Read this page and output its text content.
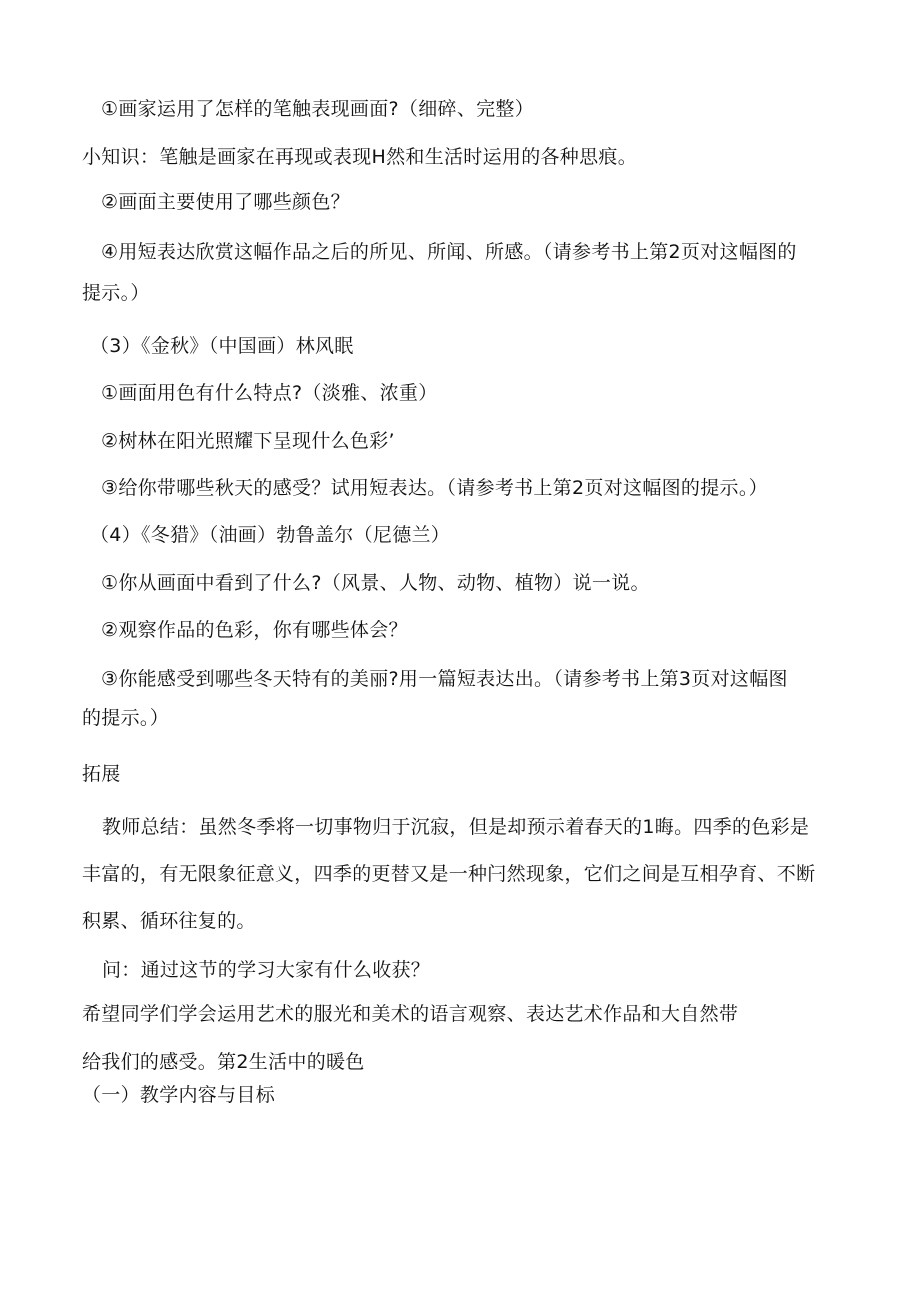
①画家运用了怎样的笔触表现画面?（细碎、完整）
小知识：笔触是画家在再现或表现H然和生活时运用的各种思痕。
②画面主要使用了哪些颜色？
④用短表达欣赏这幅作品之后的所见、所闻、所感。（请参考书上第2页对这幅图的
提示。）
（3）《金秋》（中国画）林风眠
①画面用色有什么特点?（淡雅、浓重）
②树林在阳光照耀下呈现什么色彩’
③给你带哪些秋天的感受？试用短表达。（请参考书上第2页对这幅图的提示。）
（4）《冬猎》（油画）勃鲁盖尔（尼德兰）
①你从画面中看到了什么?（风景、人物、动物、植物）说一说。
②观察作品的色彩，你有哪些体会？
③你能感受到哪些冬天特有的美丽?用一篇短表达出。（请参考书上第3页对这幅图
的提示。）
拓展
教师总结：虽然冬季将一切事物归于沉寂，但是却预示着春天的1晦。四季的色彩是
丰富的，有无限象征意义，四季的更替又是一种闩然现象，它们之间是互相孕育、不断
积累、循环往复的。
问：通过这节的学习大家有什么收获？
希望同学们学会运用艺术的服光和美术的语言观察、表达艺术作品和大自然带
给我们的感受。第2生活中的暖色
（一）教学内容与目标
